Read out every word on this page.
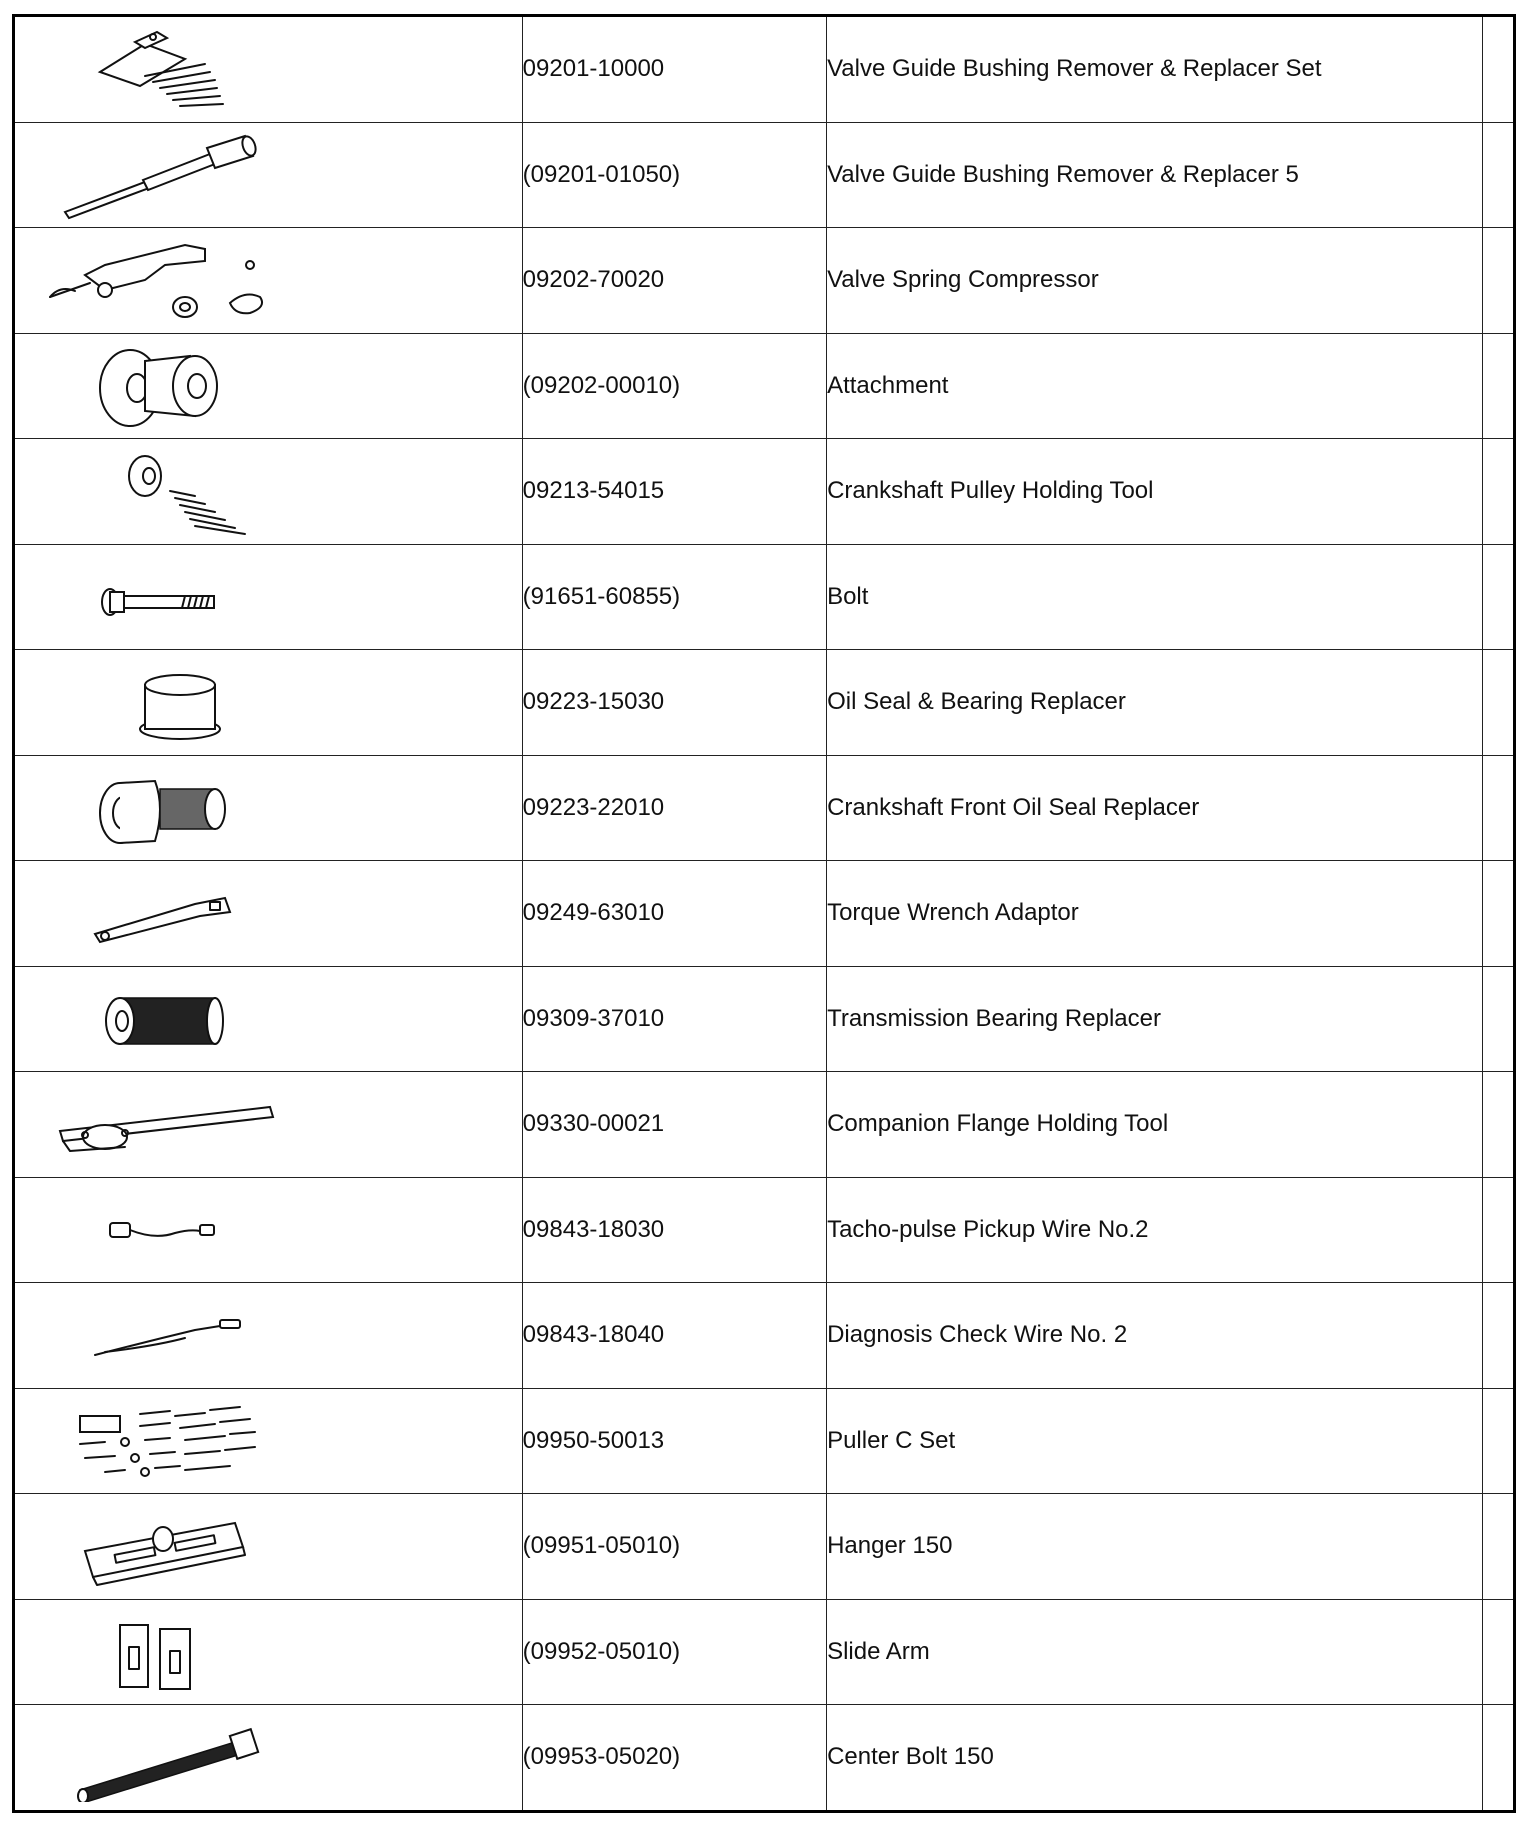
	09201-10000	Valve Guide Bushing Remover & Replacer Set	

	(09201-01050)	Valve Guide Bushing Remover & Replacer 5	

	09202-70020	Valve Spring Compressor	

	(09202-00010)	Attachment	

	09213-54015	Crankshaft Pulley Holding Tool	

	(91651-60855)	Bolt	

	09223-15030	Oil Seal & Bearing Replacer	

	09223-22010	Crankshaft Front Oil Seal Replacer	

	09249-63010	Torque Wrench Adaptor	

	09309-37010	Transmission Bearing Replacer	

	09330-00021	Companion Flange Holding Tool	

	09843-18030	Tacho-pulse Pickup Wire No.2	

	09843-18040	Diagnosis Check Wire No. 2	

	09950-50013	Puller C Set	

	(09951-05010)	Hanger 150	

	(09952-05010)	Slide Arm	

	(09953-05020)	Center Bolt 150	
